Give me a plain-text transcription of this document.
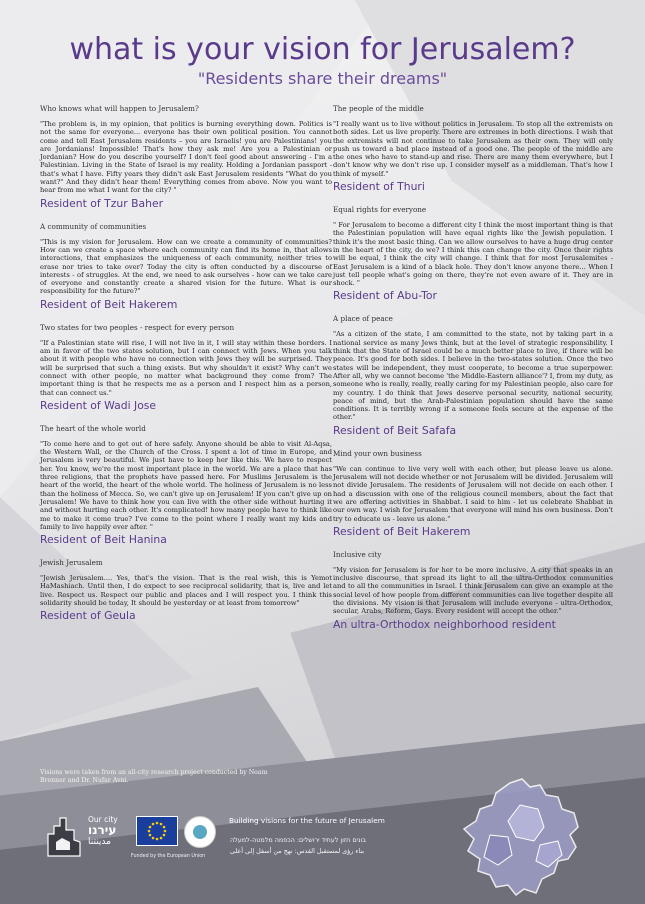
what is your vision for Jerusalem?
"Residents share their dreams"

Who knows what will happen to Jerusalem?

"The problem is, in my opinion, that politics is burning everything down. Politics is not the same for everyone... everyone has their own political position. You cannot come and tell East Jerusalem residents – you are Israelis! you are Palestinians! you are Jordanians! Impossible! That's how they ask me! Are you a Palestinian or Jordanian? How do you describe yourself? I don't feel good about answering - I'm a Palestinian. Living in the State of Israel is my reality. Holding a Jordanian passport - that's what I have. Fifty years they didn't ask East Jerusalem residents "What do you want?" And they didn't hear them! Everything comes from above. Now you want to hear from me what I want for the city? "

Resident of Tzur Baher

A community of communities

"This is my vision for Jerusalem. How can we create a community of communities? How can we create a space where each community can find its home in, that allows interactions, that emphasizes the uniqueness of each community, neither tries to erase nor tries to take over? Today the city is often conducted by a discourse of interests - of struggles. At the end, we need to ask ourselves - how can we take care of everyone and constantly create a shared vision for the future. What is our responsibility for the future?"

Resident of Beit Hakerem

Two states for two peoples - respect for every person

"If a Palestinian state will rise, I will not live in it, I will stay within these borders. I am in favor of the two states solution, but I can connect with Jews. When you talk about it with people who have no connection with Jews they will be surprised. They will be surprised that such a thing exists. But why shouldn't it exist? Why can't we connect with other people, no matter what background they come from? The important thing is that he respects me as a person and I respect him as a person, that can connect us."

Resident of Wadi Jose

The heart of the whole world

"To come here and to get out of here safely. Anyone should be able to visit Al-Aqsa, the Western Wall, or the Church of the Cross. I spent a lot of time in Europe, and Jerusalem is very beautiful. We just have to keep her like this. We have to respect her. You know, we're the most important place in the world. We are a place that has three religions, that the prophets have passed here. For Muslims Jerusalem is the heart of the world, the heart of the whole world. The holiness of Jerusalem is no less than the holiness of Mecca. So, we can't give up on Jerusalem! If you can't give up on Jerusalem! We have to think how you can live with the other side without hurting it and without hurting each other. It's complicated! how many people have to think like me to make it come true? I've come to the point where I really want my kids and family to live happily ever after. "

Resident of Beit Hanina

Jewish Jerusalem

"Jewish Jerusalem.... Yes, that's the vision. That is the real wish, this is Yemot HaMashiach. Until then, I do expect to see reciprocal solidarity, that is, live and let live. Respect us. Respect our public and places and I will respect you. I think this solidarity should be today, It should be yesterday or at least from tomorrow"

Resident of Geula

The people of the middle

"I really want us to live without politics in Jerusalem. To stop all the extremists on both sides. Let us live properly. There are extremes in both directions. I wish that the extremists will not continue to take Jerusalem as their own. They will only push us toward a bad place instead of a good one. The people of the middle are the ones who have to stand-up and rise. There are many them everywhere, but I don't know why we don't rise up. I consider myself as a middleman. That's how I think of myself."

Resident of Thuri

Equal rights for everyone

" For Jerusalem to become a different city I think the most important thing is that the Palestinian population will have equal rights like the Jewish population. I think it's the most basic thing. Can we allow ourselves to have a huge drug center in the heart of the city, do we? I think this can change the city. Once their rights will be equal, I think the city will change. I think that for most Jerusalemites - East Jerusalem is a kind of a black hole. They don't know anyone there... When I just tell people what's going on there, they're not even aware of it. They are in shock. "

Resident of Abu-Tor

A place of peace

"As a citizen of the state, I am committed to the state, not by taking part in a national service as many Jews think, but at the level of strategic responsibility. I think that the State of Israel could be a much better place to live, if there will be peace. It's good for both sides. I believe in the two-states solution. Once the two states will be independent, they must cooperate, to become a true superpower. After all, why we cannot become 'the Middle-Eastern alliance'? I, from my duty, as someone who is really, really, really caring for my Palestinian people, also care for my country. I do think that Jews deserve personal security, national security, peace of mind, but the Arab-Palestinian population should have the same conditions. It is terribly wrong if a someone feels secure at the expense of the other."

Resident of Beit Safafa

Mind your own business

"We can continue to live very well with each other, but please leave us alone. Jerusalem will not decide whether or not Jerusalem will be divided. Jerusalem will not divide Jerusalem. The residents of Jerusalem will not decide on each other. I had a discussion with one of the religious council members, about the fact that we are offering activities in Shabbat. I said to him - let us celebrate Shabbat in our own way. I wish for Jerusalem that everyone will mind his own business. Don't try to educate us - leave us alone."

Resident of Beit Hakerem

Inclusive city

"My vision for Jerusalem is for her to be more inclusive. A city that speaks in an inclusive discourse, that spread its light to all the ultra-Orthodox communities and to all the communities in Israel. I think Jerusalem can give an example at the social level of how people from different communities can live together despite all the divisions. My vision is that Jerusalem will include everyone - ultra-Orthodox, secular, Arabs, Reform, Gays. Every resident will accept the other."

An ultra-Orthodox neighborhood resident

Visions were taken from an all-city research project conducted by Noam Brenner and Dr. Nufar Avni.
Our city
עירנו
مدينتنا
Funded by the European Union
Building visions for the future of Jerusalem
בונים חזון לעתיד ירושלים: הכפמה מלמטה-למעלה
بناء رؤى لمستقبل القدس: نهج من أسفل إلى أعلى
